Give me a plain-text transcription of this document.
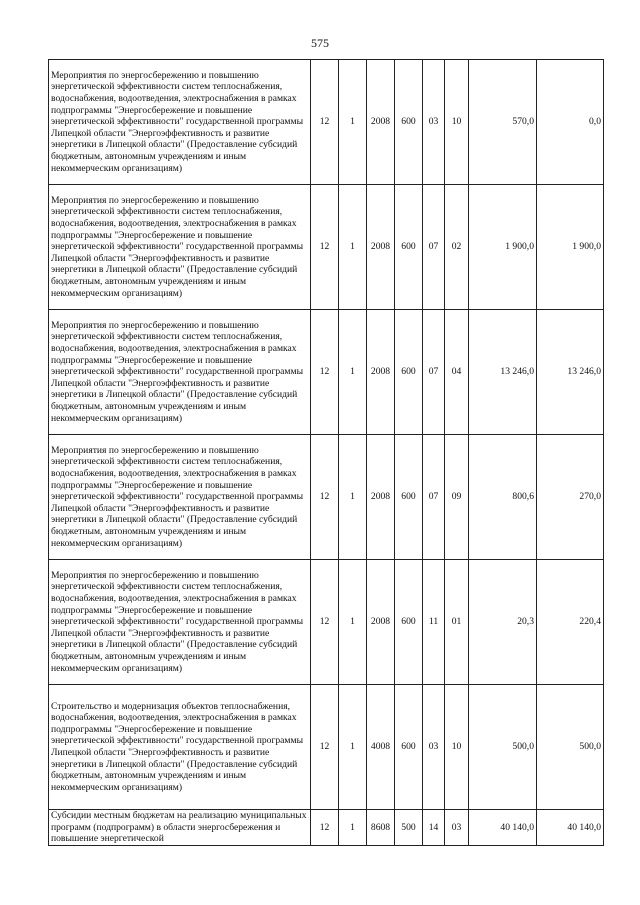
575
Мероприятия по энергосбережению и повышению энергетической эффективности систем теплоснабжения, водоснабжения, водоотведения, электроснабжения в рамках подпрограммы "Энергосбережение и повышение энергетической эффективности" государственной программы Липецкой области "Энергоэффективность и развитие энергетики в Липецкой области" (Предоставление субсидий бюджетным, автономным учреждениям и иным некоммерческим организациям)	12	1	2008	600	03	10	570,0	0,0
Мероприятия по энергосбережению и повышению энергетической эффективности систем теплоснабжения, водоснабжения, водоотведения, электроснабжения в рамках подпрограммы "Энергосбережение и повышение энергетической эффективности" государственной программы Липецкой области "Энергоэффективность и развитие энергетики в Липецкой области" (Предоставление субсидий бюджетным, автономным учреждениям и иным некоммерческим организациям)	12	1	2008	600	07	02	1 900,0	1 900,0
Мероприятия по энергосбережению и повышению энергетической эффективности систем теплоснабжения, водоснабжения, водоотведения, электроснабжения в рамках подпрограммы "Энергосбережение и повышение энергетической эффективности" государственной программы Липецкой области "Энергоэффективность и развитие энергетики в Липецкой области" (Предоставление субсидий бюджетным, автономным учреждениям и иным некоммерческим организациям)	12	1	2008	600	07	04	13 246,0	13 246,0
Мероприятия по энергосбережению и повышению энергетической эффективности систем теплоснабжения, водоснабжения, водоотведения, электроснабжения в рамках подпрограммы "Энергосбережение и повышение энергетической эффективности" государственной программы Липецкой области "Энергоэффективность и развитие энергетики в Липецкой области" (Предоставление субсидий бюджетным, автономным учреждениям и иным некоммерческим организациям)	12	1	2008	600	07	09	800,6	270,0
Мероприятия по энергосбережению и повышению энергетической эффективности систем теплоснабжения, водоснабжения, водоотведения, электроснабжения в рамках подпрограммы "Энергосбережение и повышение энергетической эффективности" государственной программы Липецкой области "Энергоэффективность и развитие энергетики в Липецкой области" (Предоставление субсидий бюджетным, автономным учреждениям и иным некоммерческим организациям)	12	1	2008	600	11	01	20,3	220,4
Строительство и модернизация объектов теплоснабжения, водоснабжения, водоотведения, электроснабжения в рамках подпрограммы "Энергосбережение и повышение энергетической эффективности" государственной программы Липецкой области "Энергоэффективность и развитие энергетики в Липецкой области" (Предоставление субсидий бюджетным, автономным учреждениям и иным некоммерческим организациям)	12	1	4008	600	03	10	500,0	500,0
Субсидии местным бюджетам на реализацию муниципальных программ (подпрограмм) в области энергосбережения и повышение энергетической	12	1	8608	500	14	03	40 140,0	40 140,0
